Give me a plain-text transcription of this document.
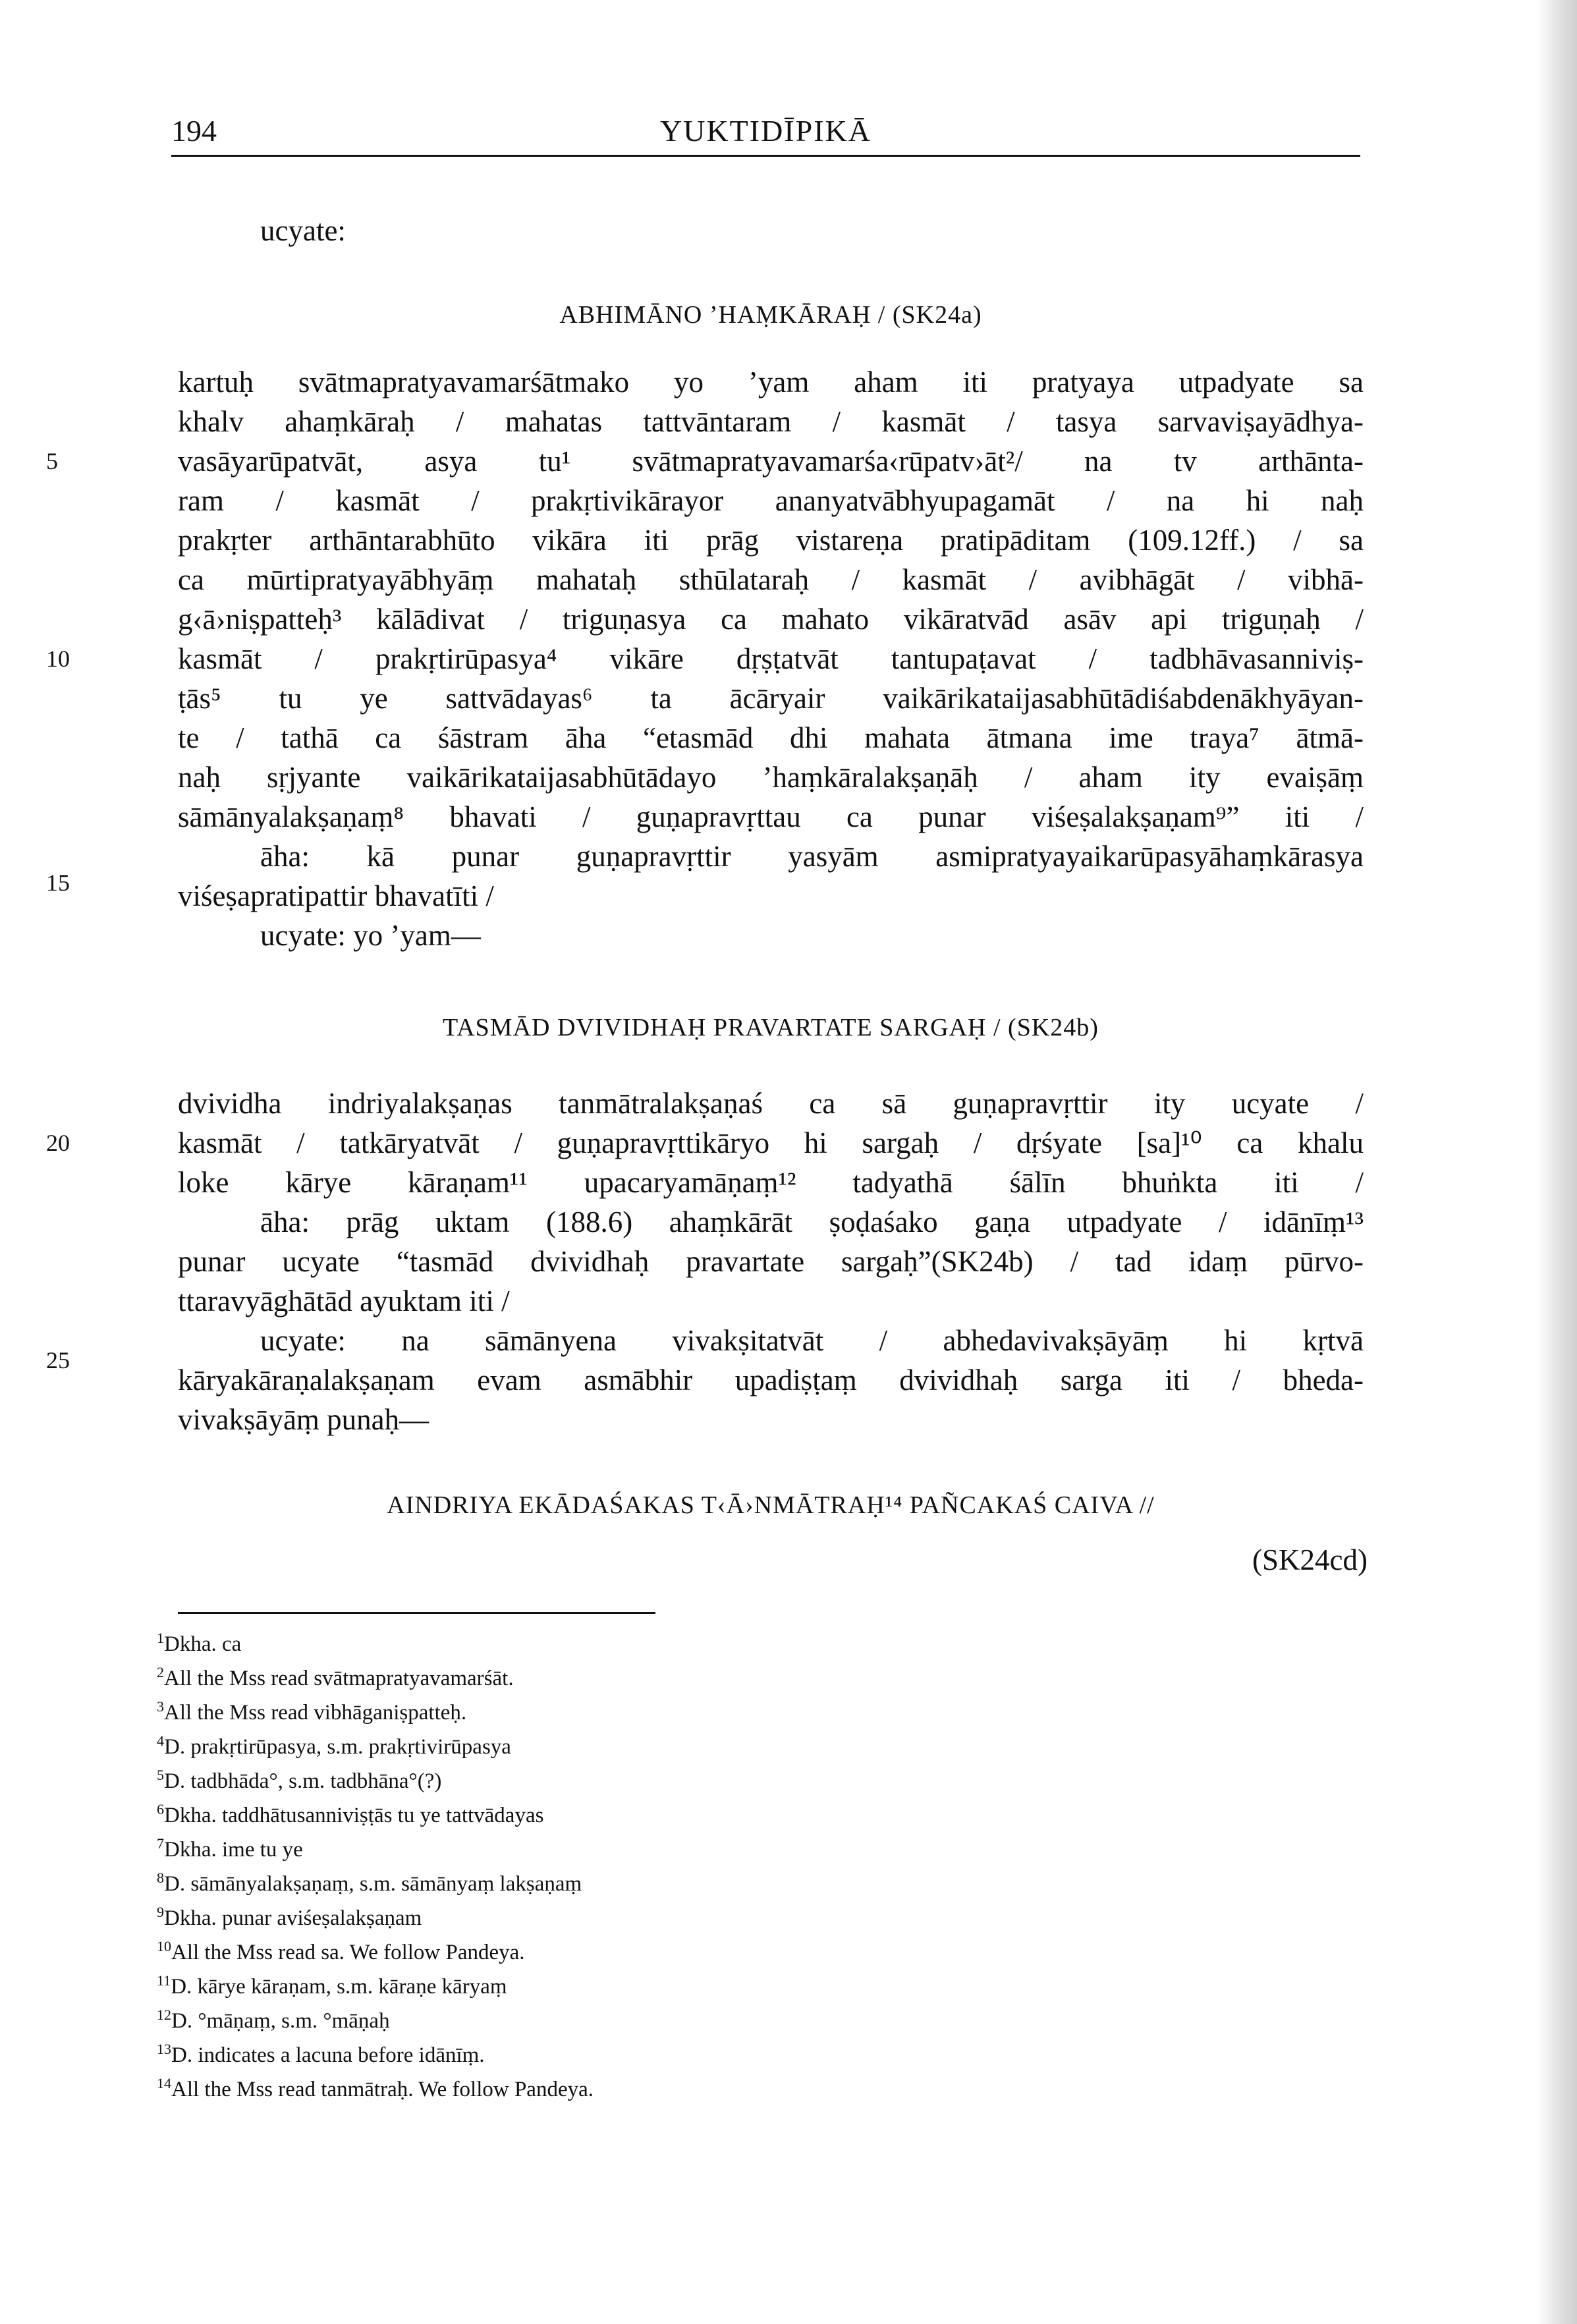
194	YUKTIDĪPIKĀ
ucyate:
ABHIMĀNO ’HAṂKĀRAḤ / (SK24a)
kartuḥ svātmapratyavamarśātmako yo ’yam aham iti pratyaya utpadyate sa
khalv ahaṃkāraḥ / mahatas tattvāntaram / kasmāt / tasya sarvaviṣayādhya-
vasāyarūpatvāt, asya tu¹ svātmapratyavamarśa‹rūpatv›āt²/ na tv arthānta-
ram / kasmāt / prakṛtivikārayor ananyatvābhyupagamāt / na hi naḥ
prakṛter arthāntarabhūto vikāra iti prāg vistareṇa pratipāditam (109.12ff.) / sa
ca mūrtipratyayābhyāṃ mahataḥ sthūlataraḥ / kasmāt / avibhāgāt / vibhā-
g‹ā›niṣpatteḥ³ kālādivat / triguṇasya ca mahato vikāratvād asāv api triguṇaḥ /
kasmāt / prakṛtirūpasya⁴ vikāre dṛṣṭatvāt tantupaṭavat / tadbhāvasanniviṣ-
ṭās⁵ tu ye sattvādayas⁶ ta ācāryair vaikārikataijasabhūtādiśabdenākhyāyan-
te / tathā ca śāstram āha “etasmād dhi mahata ātmana ime traya⁷ ātmā-
naḥ sṛjyante vaikārikataijasabhūtādayo ’haṃkāralakṣaṇāḥ / aham ity evaiṣāṃ
sāmānyalakṣaṇaṃ⁸ bhavati / guṇapravṛttau ca punar viśeṣalakṣaṇam⁹” iti /
āha: kā punar guṇapravṛttir yasyām asmipratyayaikarūpasyāhaṃkārasya
viśeṣapratipattir bhavatīti /
ucyate: yo ’yam—
TASMĀD DVIVIDHAḤ PRAVARTATE SARGAḤ / (SK24b)
dvividha indriyalakṣaṇas tanmātralakṣaṇaś ca sā guṇapravṛttir ity ucyate /
kasmāt / tatkāryatvāt / guṇapravṛttikāryo hi sargaḥ / dṛśyate [sa]¹⁰ ca khalu
loke kārye kāraṇam¹¹ upacaryamāṇaṃ¹² tadyathā śālīn bhuṅkta iti /
āha: prāg uktam (188.6) ahaṃkārāt ṣoḍaśako gaṇa utpadyate / idānīṃ¹³
punar ucyate “tasmād dvividhaḥ pravartate sargaḥ”(SK24b) / tad idaṃ pūrvo-
ttaravyāghātād ayuktam iti /
ucyate: na sāmānyena vivakṣitatvāt / abhedavivakṣāyāṃ hi kṛtvā
kāryakāraṇalakṣaṇam evam asmābhir upadiṣṭaṃ dvividhaḥ sarga iti / bheda-
vivakṣāyāṃ punaḥ—
AINDRIYA EKĀDAŚAKAS T‹Ā›NMĀTRAḤ¹⁴ PAÑCAKAŚ CAIVA //
(SK24cd)
5
10
15
20
25
$^1$Dkha. ca
$^2$All the Mss read svātmapratyavamarśāt.
$^3$All the Mss read vibhāganiṣpatteḥ.
$^4$D. prakṛtirūpasya, s.m. prakṛtivirūpasya
$^5$D. tadbhāda°, s.m. tadbhāna°(?)
$^6$Dkha. taddhātusanniviṣṭās tu ye tattvādayas
$^7$Dkha. ime tu ye
$^8$D. sāmānyalakṣaṇaṃ, s.m. sāmānyaṃ lakṣaṇaṃ
$^9$Dkha. punar aviśeṣalakṣaṇam
$^{10}$All the Mss read sa. We follow Pandeya.
$^{11}$D. kārye kāraṇam, s.m. kāraṇe kāryaṃ
$^{12}$D. °māṇaṃ, s.m. °māṇaḥ
$^{13}$D. indicates a lacuna before idānīṃ.
$^{14}$All the Mss read tanmātraḥ. We follow Pandeya.
